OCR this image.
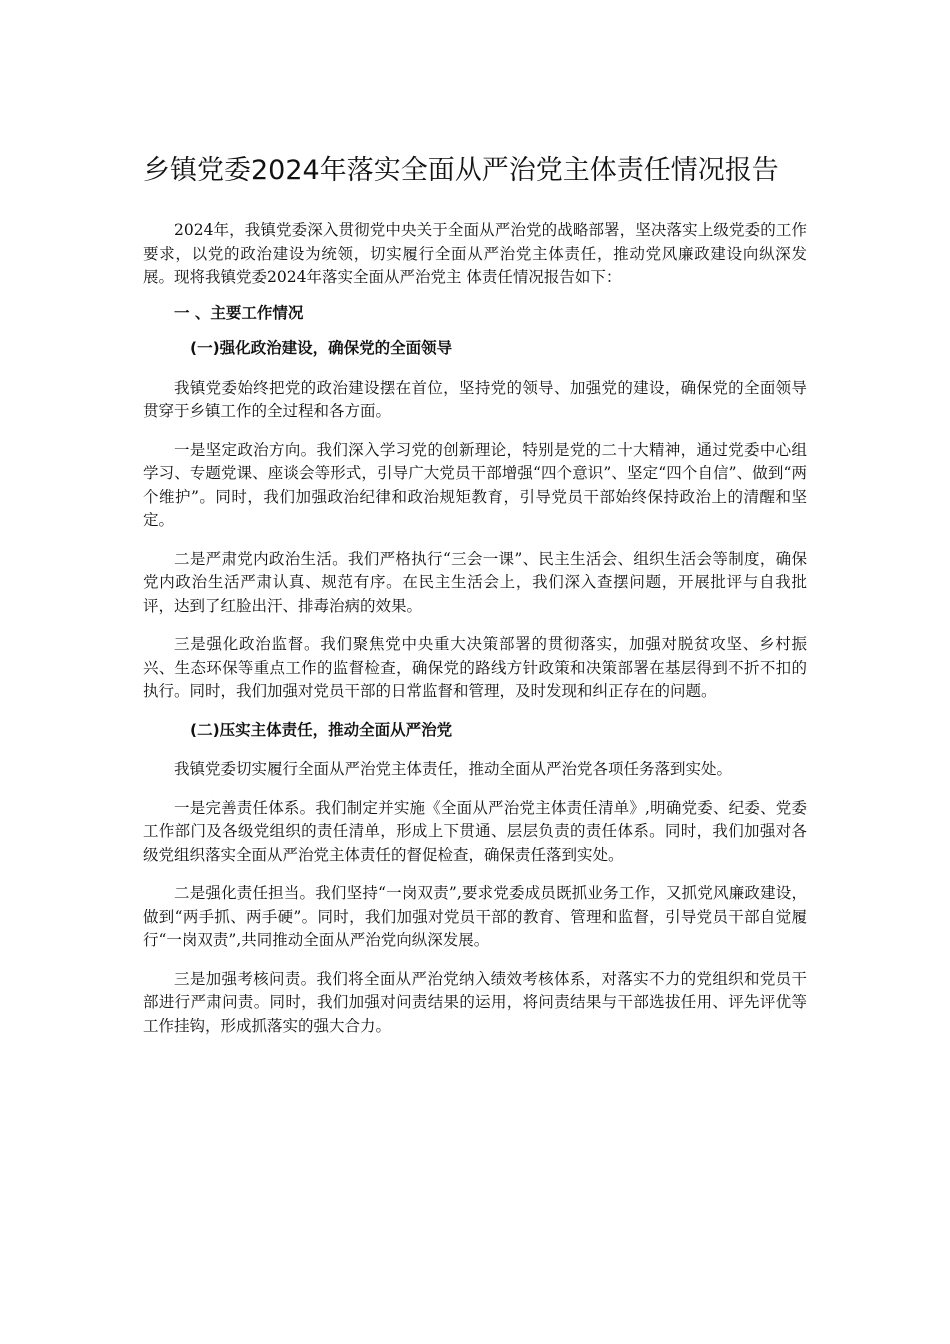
乡镇党委2024年落实全面从严治党主体责任情况报告

2024年，我镇党委深入贯彻党中央关于全面从严治党的战略部署，坚决落实上级党委的工作要求，以党的政治建设为统领，切实履行全面从严治党主体责任，推动党风廉政建设向纵深发展。现将我镇党委2024年落实全面从严治党主 体责任情况报告如下：

一 、主要工作情况
(一)强化政治建设，确保党的全面领导

我镇党委始终把党的政治建设摆在首位，坚持党的领导、加强党的建设，确保党的全面领导贯穿于乡镇工作的全过程和各方面。

一是坚定政治方向。我们深入学习党的创新理论，特别是党的二十大精神，通过党委中心组学习、专题党课、座谈会等形式，引导广大党员干部增强“四个意识”、坚定“四个自信”、做到“两个维护”。同时，我们加强政治纪律和政治规矩教育，引导党员干部始终保持政治上的清醒和坚定。

二是严肃党内政治生活。我们严格执行“三会一课”、民主生活会、组织生活会等制度，确保党内政治生活严肃认真、规范有序。在民主生活会上，我们深入查摆问题，开展批评与自我批评，达到了红脸出汗、排毒治病的效果。

三是强化政治监督。我们聚焦党中央重大决策部署的贯彻落实，加强对脱贫攻坚、乡村振兴、生态环保等重点工作的监督检查，确保党的路线方针政策和决策部署在基层得到不折不扣的执行。同时，我们加强对党员干部的日常监督和管理，及时发现和纠正存在的问题。

(二)压实主体责任，推动全面从严治党

我镇党委切实履行全面从严治党主体责任，推动全面从严治党各项任务落到实处。

一是完善责任体系。我们制定并实施《全面从严治党主体责任清单》,明确党委、纪委、党委工作部门及各级党组织的责任清单，形成上下贯通、层层负责的责任体系。同时，我们加强对各级党组织落实全面从严治党主体责任的督促检查，确保责任落到实处。

二是强化责任担当。我们坚持“一岗双责”,要求党委成员既抓业务工作，又抓党风廉政建设，做到“两手抓、两手硬”。同时，我们加强对党员干部的教育、管理和监督，引导党员干部自觉履行“一岗双责”,共同推动全面从严治党向纵深发展。

三是加强考核问责。我们将全面从严治党纳入绩效考核体系，对落实不力的党组织和党员干部进行严肃问责。同时，我们加强对问责结果的运用，将问责结果与干部选拔任用、评先评优等工作挂钩，形成抓落实的强大合力。
